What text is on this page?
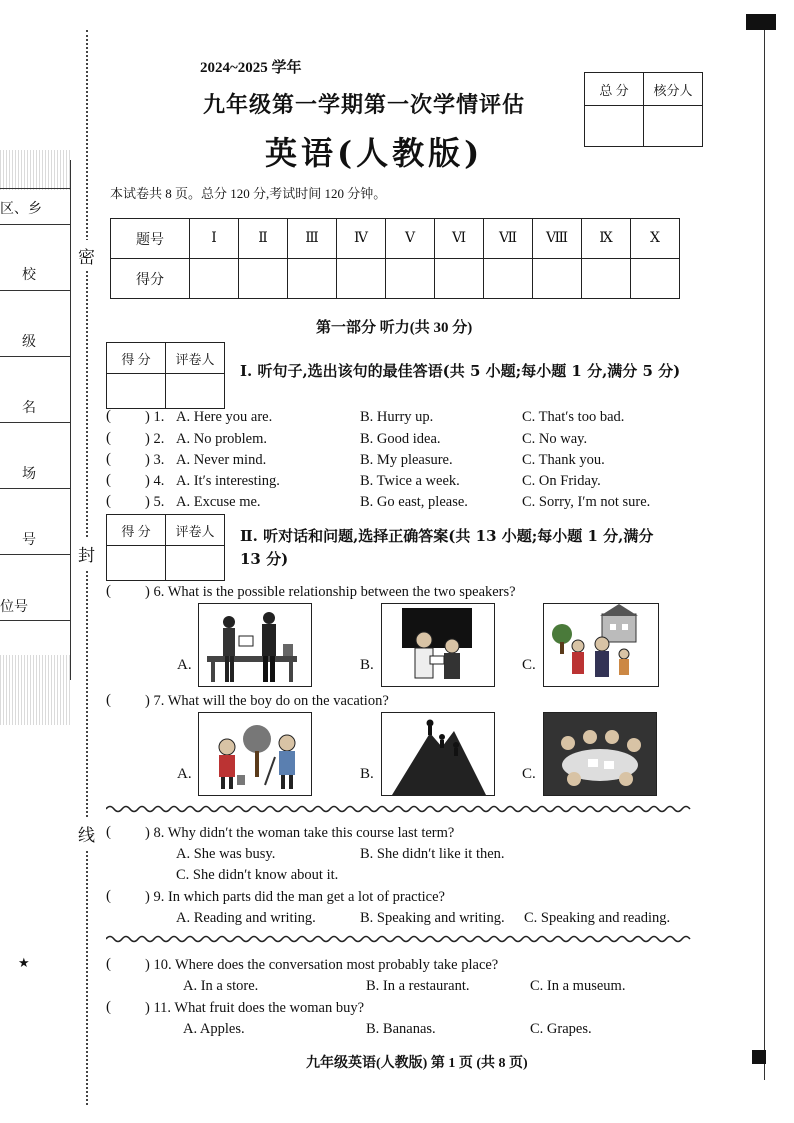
区、乡
校
级
名
场
号
位号
★
密
封
线
2024~2025 学年
九年级第一学期第一次学情评估
英语(人教版)
本试卷共 8 页。总分 120 分,考试时间 120 分钟。
总 分	核分人

题号	Ⅰ	Ⅱ	Ⅲ	Ⅳ	Ⅴ	Ⅵ	Ⅶ	Ⅷ	Ⅸ	Ⅹ
得分										
第一部分 听力(共 30 分)
得 分	评卷人

Ⅰ. 听句子,选出该句的最佳答语(共 5 小题;每小题 1 分,满分 5 分)
( ) 1. A. Here you are.	B. Hurry up.	C. That′s too bad.
( ) 2. A. No problem.	B. Good idea.	C. No way.
( ) 3. A. Never mind.	B. My pleasure.	C. Thank you.
( ) 4. A. It′s interesting.	B. Twice a week.	C. On Friday.
( ) 5. A. Excuse me.	B. Go east, please.	C. Sorry, I′m not sure.
得 分	评卷人
	Ⅱ. 听对话和问题,选择正确答案(共 13 小题;每小题 1 分,满分
13 分)
( ) 6. What is the possible relationship between the two speakers?
A.	B.	C.
( ) 7. What will the boy do on the vacation?
A.	B.	C.
( ) 8. Why didn′t the woman take this course last term?
A. She was busy.	B. She didn′t like it then.
C. She didn′t know about it.
( ) 9. In which parts did the man get a lot of practice?
A. Reading and writing.	B. Speaking and writing. C. Speaking and reading.
( ) 10. Where does the conversation most probably take place?
A. In a store.	B. In a restaurant.	C. In a museum.
( ) 11. What fruit does the woman buy?
A. Apples.	B. Bananas.	C. Grapes.
九年级英语(人教版) 第 1 页 (共 8 页)
